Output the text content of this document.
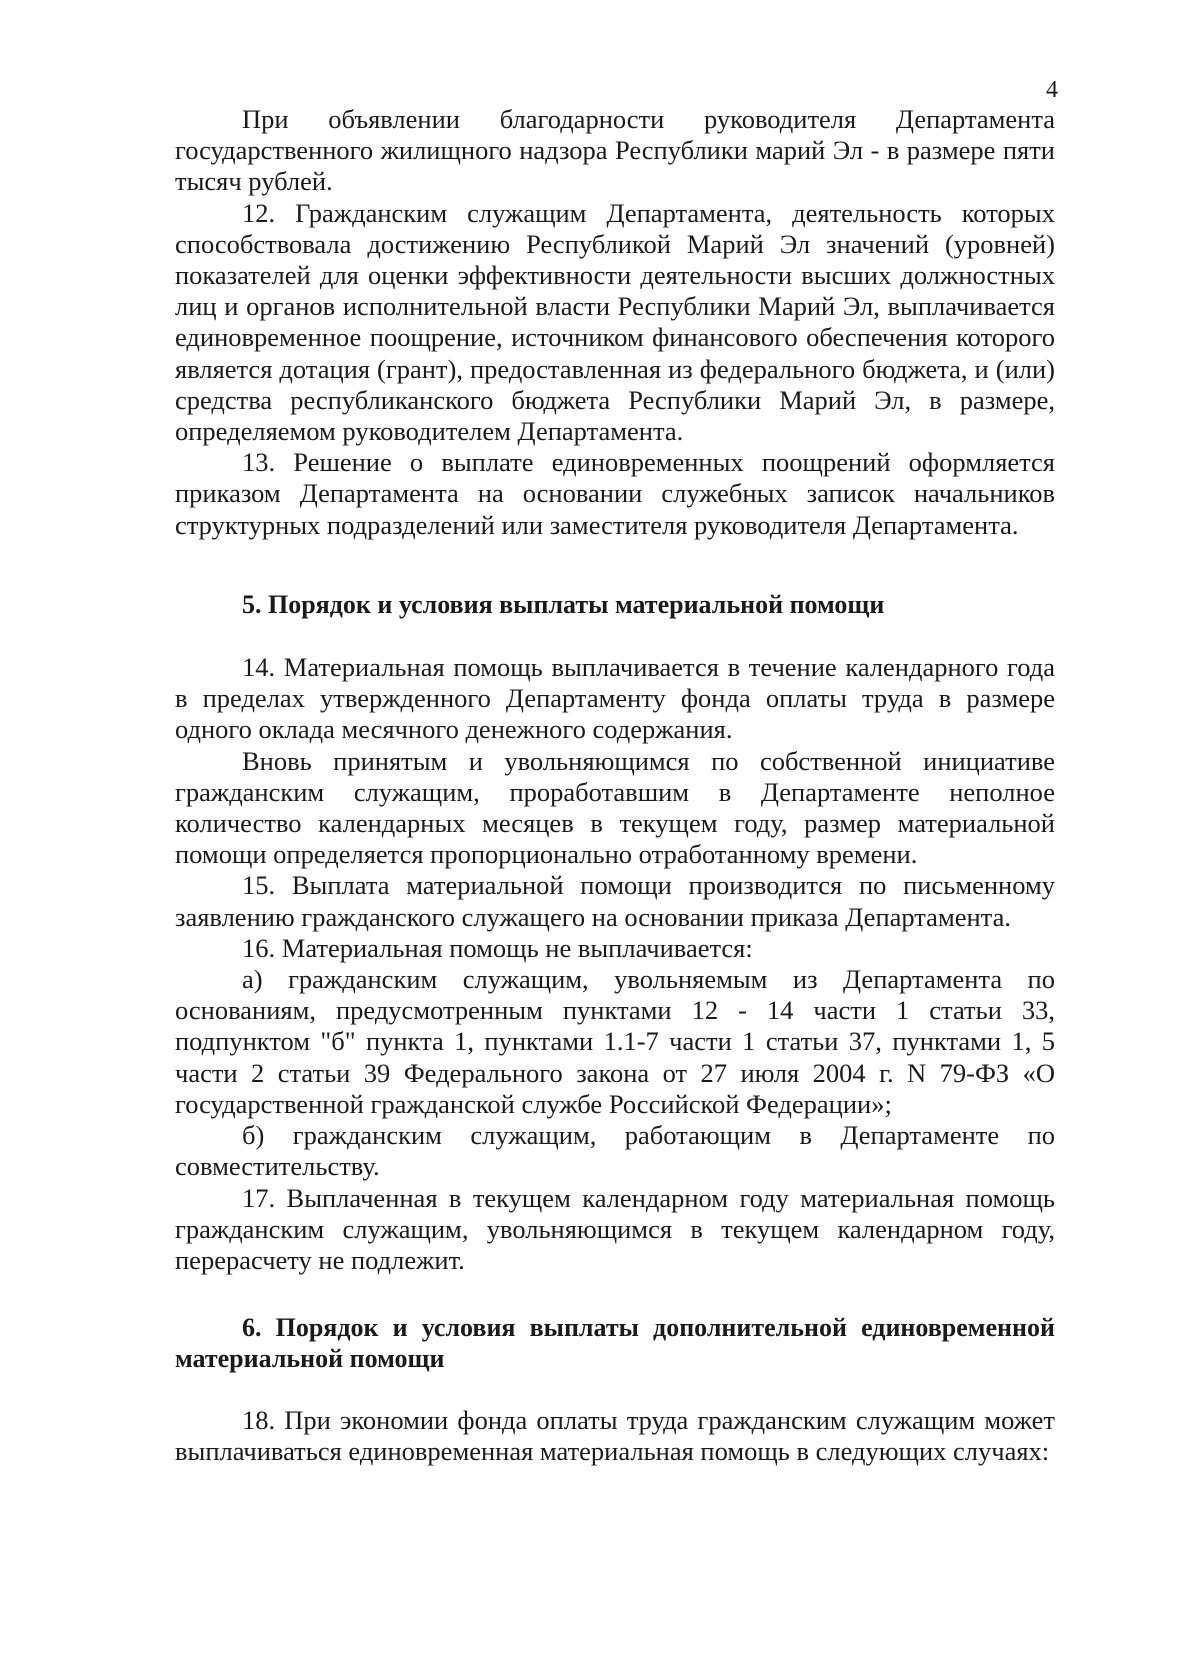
4

При объявлении благодарности руководителя Департамента государственного жилищного надзора Республики марий Эл - в размере пяти тысяч рублей.

12. Гражданским служащим Департамента, деятельность которых способствовала достижению Республикой Марий Эл значений (уровней) показателей для оценки эффективности деятельности высших должностных лиц и органов исполнительной власти Республики Марий Эл, выплачивается единовременное поощрение, источником финансового обеспечения которого является дотация (грант), предоставленная из федерального бюджета, и (или) средства республиканского бюджета Республики Марий Эл, в размере, определяемом руководителем Департамента.

13. Решение о выплате единовременных поощрений оформляется приказом Департамента на основании служебных записок начальников структурных подразделений или заместителя руководителя Департамента.

5. Порядок и условия выплаты материальной помощи

14. Материальная помощь выплачивается в течение календарного года в пределах утвержденного Департаменту фонда оплаты труда в размере одного оклада месячного денежного содержания.

Вновь принятым и увольняющимся по собственной инициативе гражданским служащим, проработавшим в Департаменте неполное количество календарных месяцев в текущем году, размер материальной помощи определяется пропорционально отработанному времени.

15. Выплата материальной помощи производится по письменному заявлению гражданского служащего на основании приказа Департамента.

16. Материальная помощь не выплачивается:

а) гражданским служащим, увольняемым из Департамента по основаниям, предусмотренным пунктами 12 - 14 части 1 статьи 33, подпунктом "б" пункта 1, пунктами 1.1-7 части 1 статьи 37, пунктами 1, 5 части 2 статьи 39 Федерального закона от 27 июля 2004 г. N 79-ФЗ «О государственной гражданской службе Российской Федерации»;

б) гражданским служащим, работающим в Департаменте по совместительству.

17. Выплаченная в текущем календарном году материальная помощь гражданским служащим, увольняющимся в текущем календарном году, перерасчету не подлежит.

6. Порядок и условия выплаты дополнительной единовременной материальной помощи

18. При экономии фонда оплаты труда гражданским служащим может выплачиваться единовременная материальная помощь в следующих случаях:
